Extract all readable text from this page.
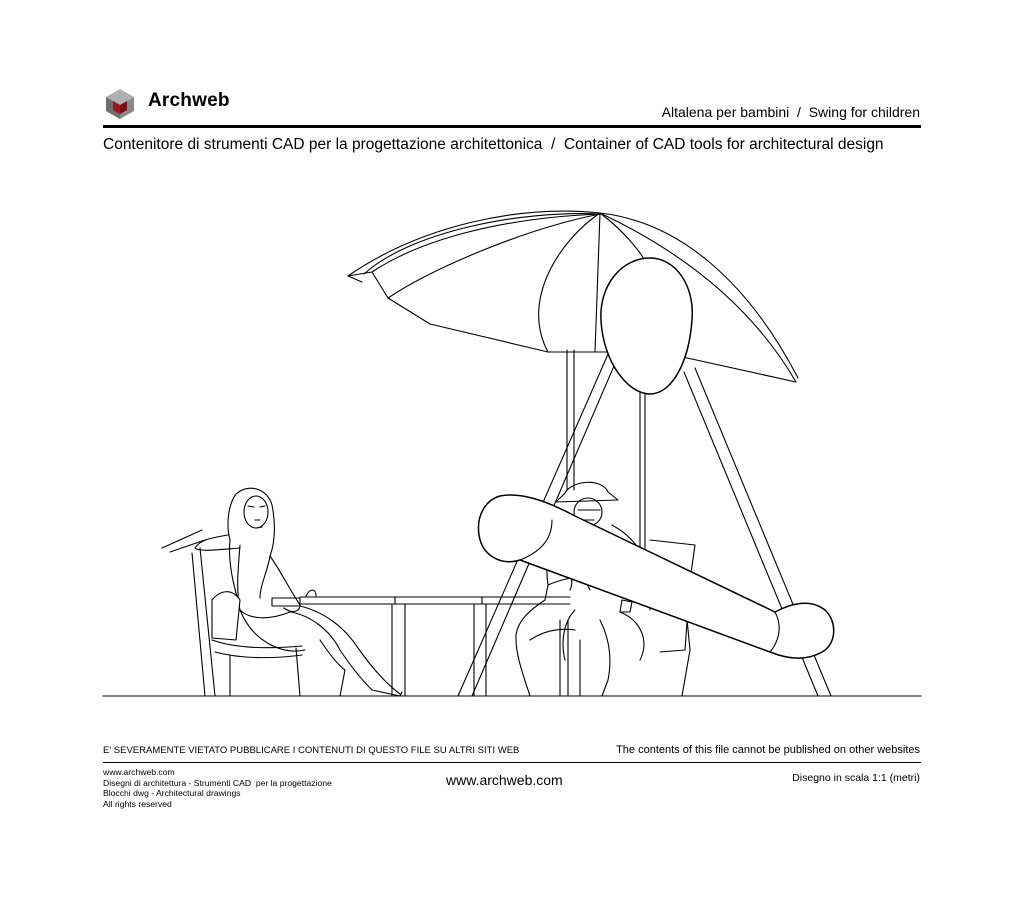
Archweb
Altalena per bambini  /  Swing for children
Contenitore di strumenti CAD per la progettazione architettonica  /  Container of CAD tools for architectural design
E' SEVERAMENTE VIETATO PUBBLICARE I CONTENUTI DI QUESTO FILE SU ALTRI SITI WEB	The contents of this file cannot be published on other websites
www.archweb.com
Disegni di architettura - Strumenti CAD  per la progettazione
Blocchi dwg - Architectural drawings
All rights reserved
www.archweb.com	Disegno in scala 1:1 (metri)
